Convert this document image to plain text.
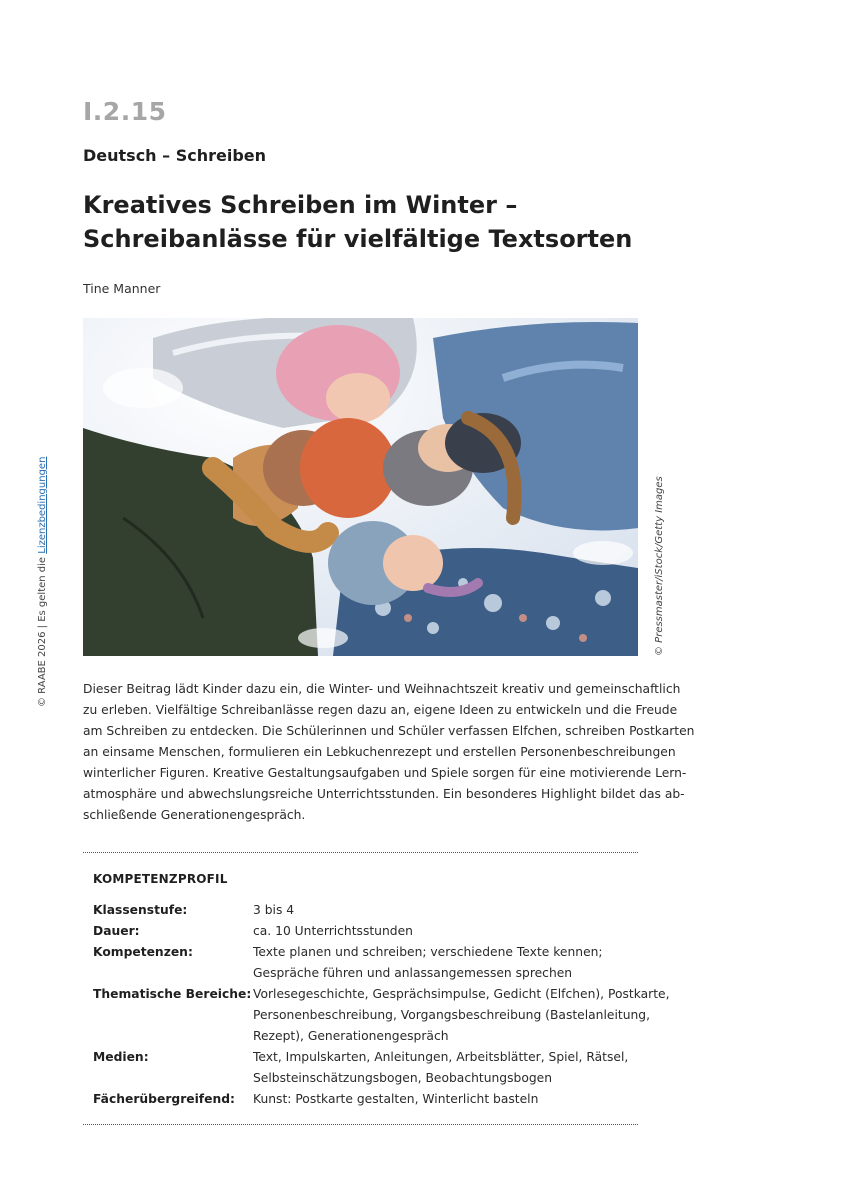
I.2.15
Deutsch – Schreiben
Kreatives Schreiben im Winter –
Schreibanlässe für vielfältige Textsorten
Tine Manner
© Pressmaster/iStock/Getty Images
© RAABE 2026 | Es gelten die Lizenzbedingungen

Dieser Beitrag lädt Kinder dazu ein, die Winter- und Weihnachtszeit kreativ und gemeinschaftlich
zu erleben. Vielfältige Schreibanlässe regen dazu an, eigene Ideen zu entwickeln und die Freude
am Schreiben zu entdecken. Die Schülerinnen und Schüler verfassen Elfchen, schreiben Postkarten
an einsame Menschen, formulieren ein Lebkuchenrezept und erstellen Personenbeschreibungen
winterlicher Figuren. Kreative Gestaltungsaufgaben und Spiele sorgen für eine motivierende Lern-
atmosphäre und abwechslungsreiche Unterrichtsstunden. Ein besonderes Highlight bildet das ab-
schließende Generationengespräch.

KOMPETENZPROFIL
Klassenstufe:	3 bis 4
Dauer:	ca. 10 Unterrichtsstunden
Kompetenzen:	Texte planen und schreiben; verschiedene Texte kennen;
Gespräche führen und anlassangemessen sprechen
Thematische Bereiche: Vorlesegeschichte, Gesprächsimpulse, Gedicht (Elfchen), Postkarte,
Personenbeschreibung, Vorgangsbeschreibung (Bastelanleitung,
Rezept), Generationengespräch
Medien:	Text, Impulskarten, Anleitungen, Arbeitsblätter, Spiel, Rätsel,
Selbsteinschätzungsbogen, Beobachtungsbogen
Fächerübergreifend:	Kunst: Postkarte gestalten, Winterlicht basteln
